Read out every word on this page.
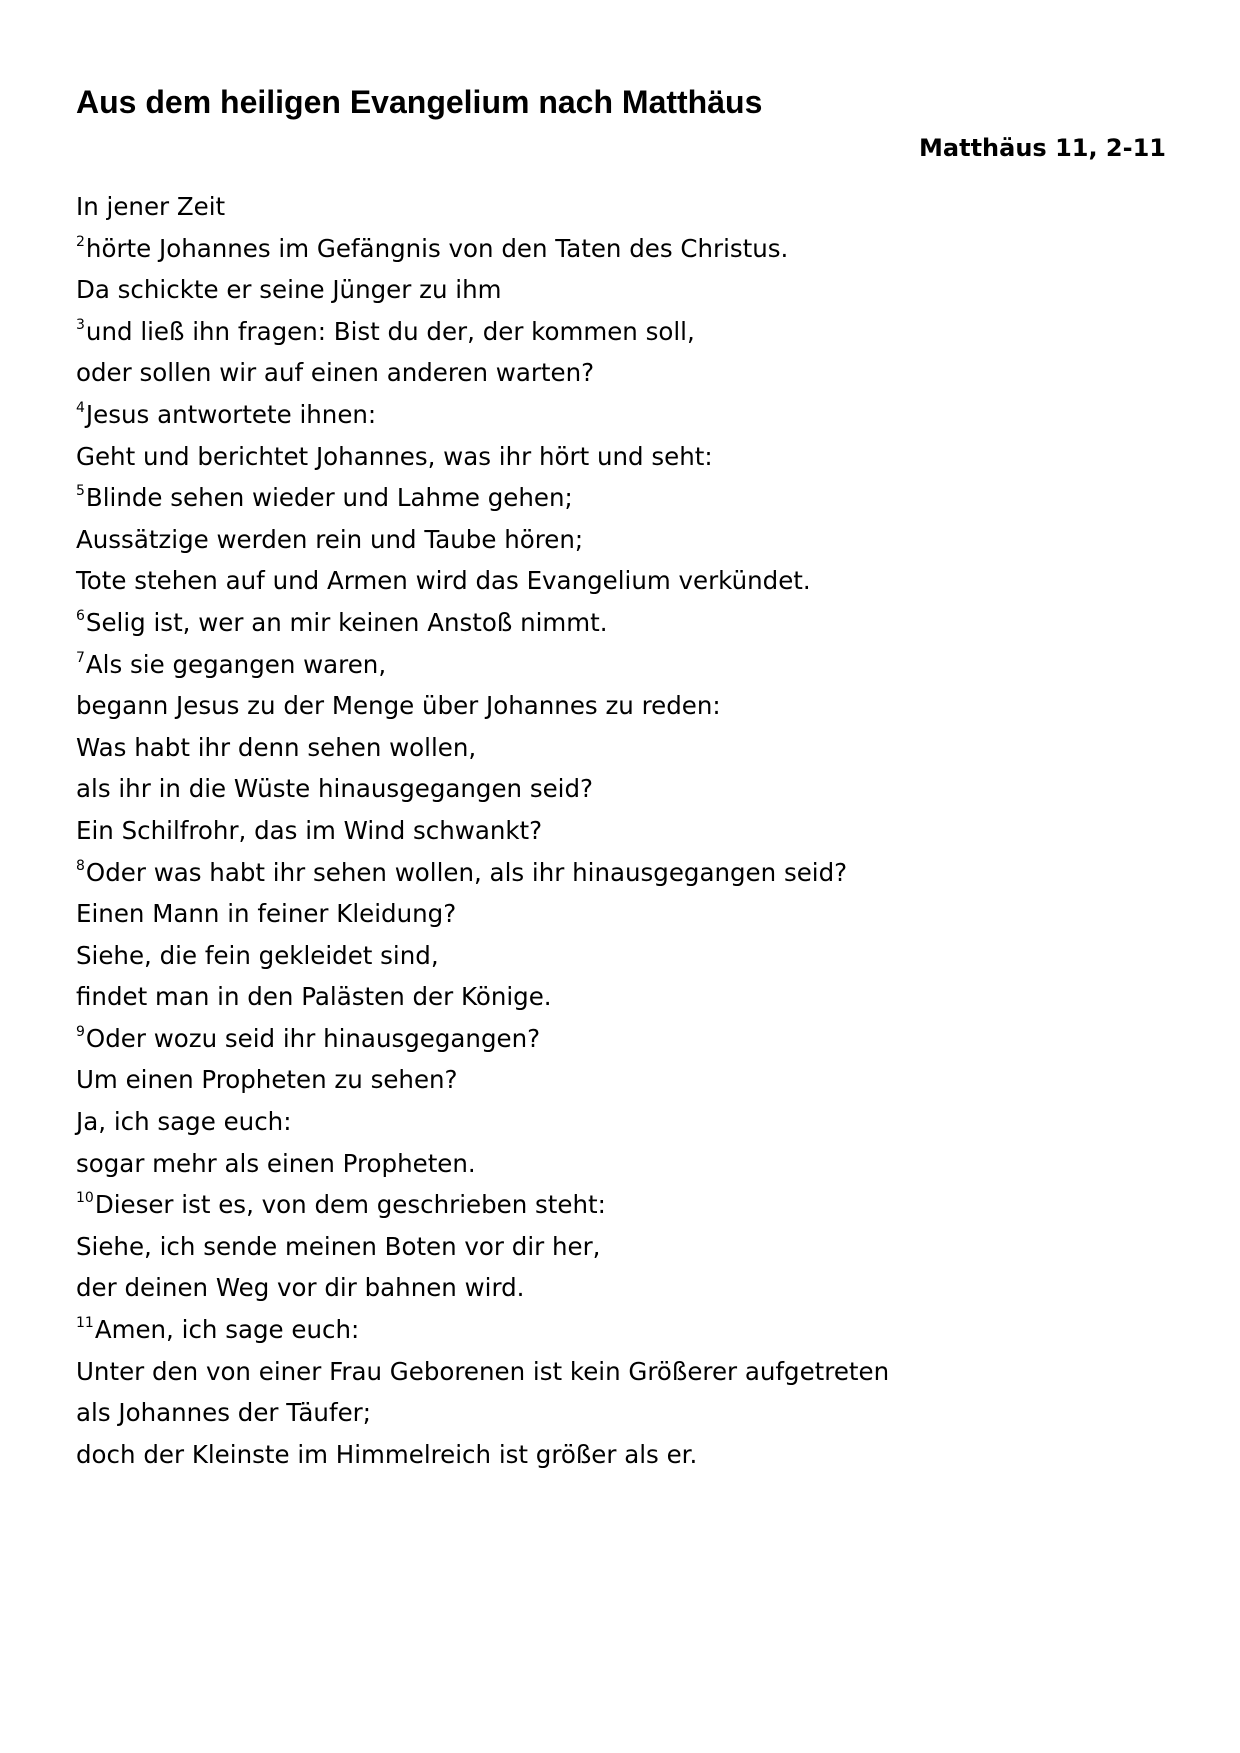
Aus dem heiligen Evangelium nach Matthäus

Matthäus 11, 2-11

In jener Zeit
$^2$hörte Johannes im Gefängnis von den Taten des Christus.
Da schickte er seine Jünger zu ihm
$^3$und ließ ihn fragen: Bist du der, der kommen soll,
oder sollen wir auf einen anderen warten?
$^4$Jesus antwortete ihnen:
Geht und berichtet Johannes, was ihr hört und seht:
$^5$Blinde sehen wieder und Lahme gehen;
Aussätzige werden rein und Taube hören;
Tote stehen auf und Armen wird das Evangelium verkündet.
$^6$Selig ist, wer an mir keinen Anstoß nimmt.
$^7$Als sie gegangen waren,
begann Jesus zu der Menge über Johannes zu reden:
Was habt ihr denn sehen wollen,
als ihr in die Wüste hinausgegangen seid?
Ein Schilfrohr, das im Wind schwankt?
$^8$Oder was habt ihr sehen wollen, als ihr hinausgegangen seid?
Einen Mann in feiner Kleidung?
Siehe, die fein gekleidet sind,
findet man in den Palästen der Könige.
$^9$Oder wozu seid ihr hinausgegangen?
Um einen Propheten zu sehen?
Ja, ich sage euch:
sogar mehr als einen Propheten.
$^{10}$Dieser ist es, von dem geschrieben steht:
Siehe, ich sende meinen Boten vor dir her,
der deinen Weg vor dir bahnen wird.
$^{11}$Amen, ich sage euch:
Unter den von einer Frau Geborenen ist kein Größerer aufgetreten
als Johannes der Täufer;
doch der Kleinste im Himmelreich ist größer als er.
